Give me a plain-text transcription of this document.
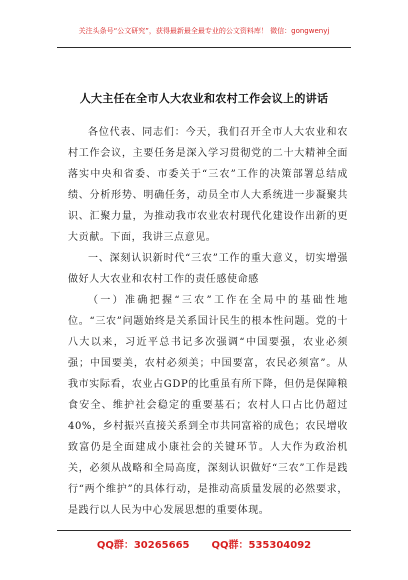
关注头条号“公文研究”，获得最新最全最专业的公文资料库！ 微信：gongwenyj
人大主任在全市人大农业和农村工作会议上的讲话

各位代表、同志们：今天，我们召开全市人大农业和农村工作会议，主要任务是深入学习贯彻党的二十大精神全面落实中央和省委、市委关于“三农”工作的决策部署总结成绩、分析形势、明确任务，动员全市人大系统进一步凝聚共识、汇聚力量，为推动我市农业农村现代化建设作出新的更大贡献。下面，我讲三点意见。

一、深刻认识新时代“三农”工作的重大意义，切实增强做好人大农业和农村工作的责任感使命感

（一）准确把握“三农”工作在全局中的基础性地位。“三农”问题始终是关系国计民生的根本性问题。党的十八大以来，习近平总书记多次强调“中国要强，农业必须强；中国要美，农村必须美；中国要富，农民必须富”。从我市实际看，农业占GDP的比重虽有所下降，但仍是保障粮食安全、维护社会稳定的重要基石；农村人口占比仍超过40%，乡村振兴直接关系到全市共同富裕的成色；农民增收致富仍是全面建成小康社会的关键环节。人大作为政治机关，必须从战略和全局高度，深刻认识做好“三农”工作是践行“两个维护”的具体行动，是推动高质量发展的必然要求，是践行以人民为中心发展思想的重要体现。

QQ群：30265665 QQ群：535304092
